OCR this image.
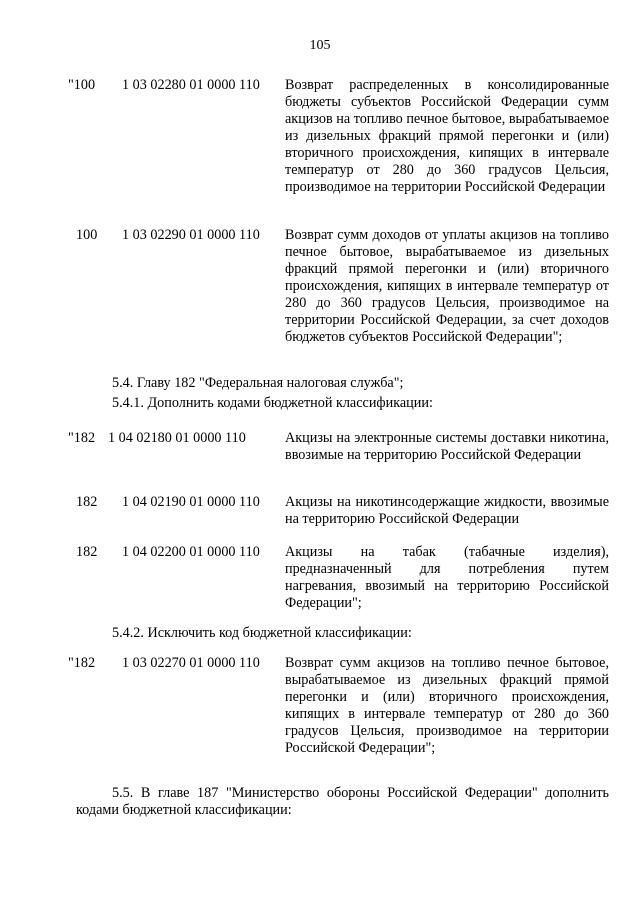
105
"100 1 03 02280 01 0000 110 Возврат распределенных в консолидированные бюджеты субъектов Российской Федерации сумм акцизов на топливо печное бытовое, вырабатываемое из дизельных фракций прямой перегонки и (или) вторичного происхождения, кипящих в интервале температур от 280 до 360 градусов Цельсия, производимое на территории Российской Федерации
100 1 03 02290 01 0000 110 Возврат сумм доходов от уплаты акцизов на топливо печное бытовое, вырабатываемое из дизельных фракций прямой перегонки и (или) вторичного происхождения, кипящих в интервале температур от 280 до 360 градусов Цельсия, производимое на территории Российской Федерации, за счет доходов бюджетов субъектов Российской Федерации";
5.4. Главу 182 "Федеральная налоговая служба";
5.4.1. Дополнить кодами бюджетной классификации:
"182 1 04 02180 01 0000 110	Акцизы на электронные системы доставки никотина, ввозимые на территорию Российской Федерации
182 1 04 02190 01 0000 110 Акцизы на никотинсодержащие жидкости, ввозимые на территорию Российской Федерации
182 1 04 02200 01 0000 110 Акцизы на табак (табачные изделия), предназначенный для потребления путем нагревания, ввозимый на территорию Российской Федерации";
5.4.2. Исключить код бюджетной классификации:
"182 1 03 02270 01 0000 110 Возврат сумм акцизов на топливо печное бытовое, вырабатываемое из дизельных фракций прямой перегонки и (или) вторичного происхождения, кипящих в интервале температур от 280 до 360 градусов Цельсия, производимое на территории Российской Федерации";
5.5. В главе 187 "Министерство обороны Российской Федерации" дополнить кодами бюджетной классификации:
